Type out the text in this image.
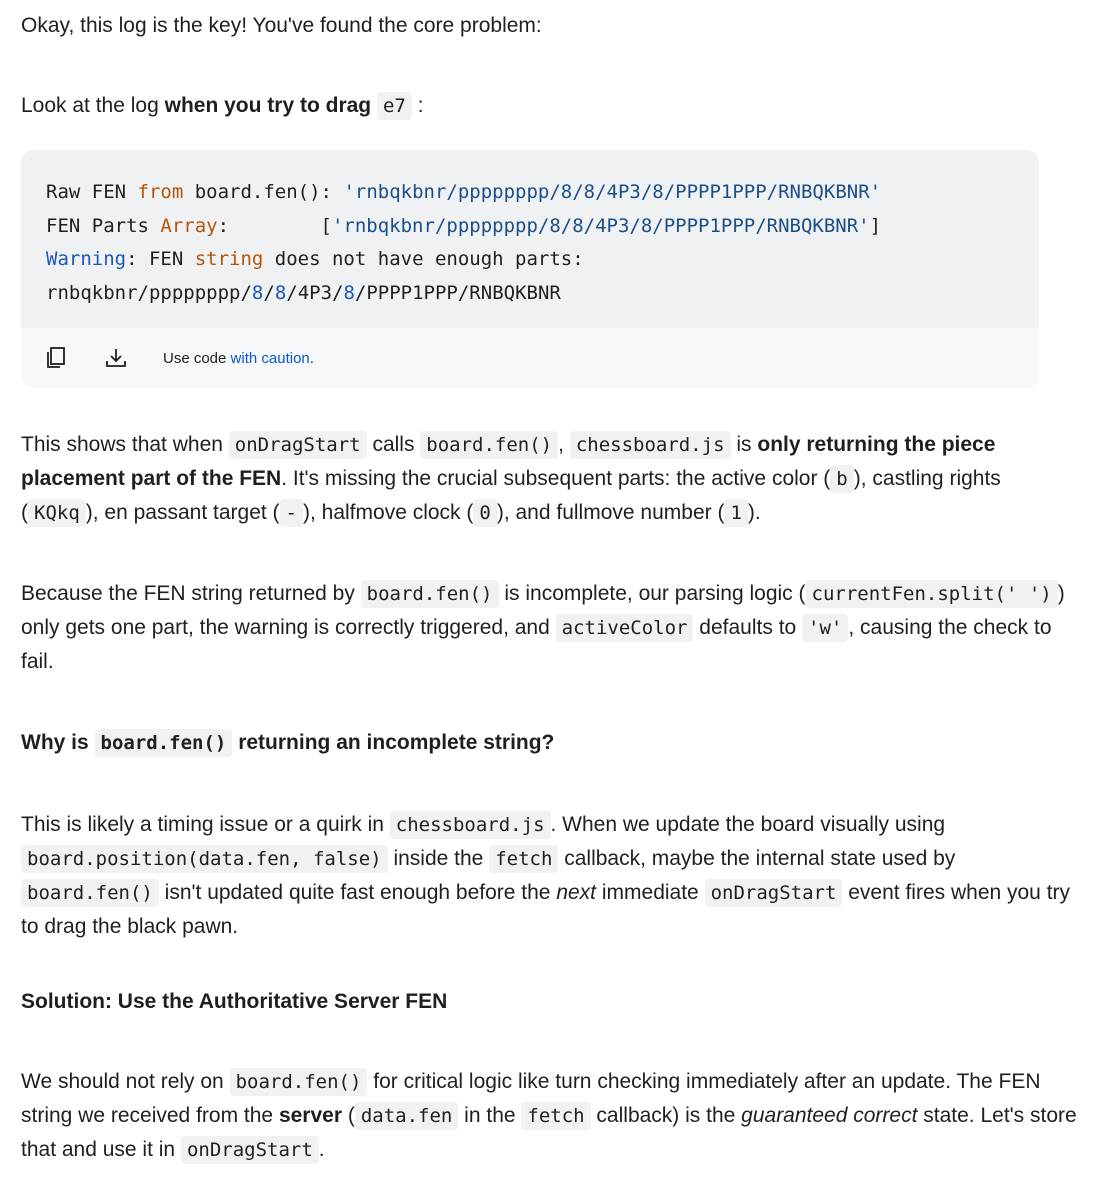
Okay, this log is the key! You've found the core problem:

Look at the log when you try to drag e7 :

Raw FEN from board.fen(): 'rnbqkbnr/pppppppp/8/8/4P3/8/PPPP1PPP/RNBQKBNR'
FEN Parts Array:        ['rnbqkbnr/pppppppp/8/8/4P3/8/PPPP1PPP/RNBQKBNR']
Warning: FEN string does not have enough parts:
rnbqkbnr/pppppppp/8/8/4P3/8/PPPP1PPP/RNBQKBNR
Use code with caution.

This shows that when onDragStart calls board.fen() , chessboard.js is only returning the piece placement part of the FEN. It's missing the crucial subsequent parts: the active color ( b ), castling rights ( KQkq ), en passant target ( - ), halfmove clock ( 0 ), and fullmove number ( 1 ).

Because the FEN string returned by board.fen() is incomplete, our parsing logic ( currentFen.split(' ') ) only gets one part, the warning is correctly triggered, and activeColor defaults to 'w' , causing the check to fail.

Why is board.fen() returning an incomplete string?

This is likely a timing issue or a quirk in chessboard.js . When we update the board visually using board.position(data.fen, false) inside the fetch callback, maybe the internal state used by board.fen() isn't updated quite fast enough before the next immediate onDragStart event fires when you try to drag the black pawn.

Solution: Use the Authoritative Server FEN

We should not rely on board.fen() for critical logic like turn checking immediately after an update. The FEN string we received from the server ( data.fen in the fetch callback) is the guaranteed correct state. Let's store that and use it in onDragStart .
